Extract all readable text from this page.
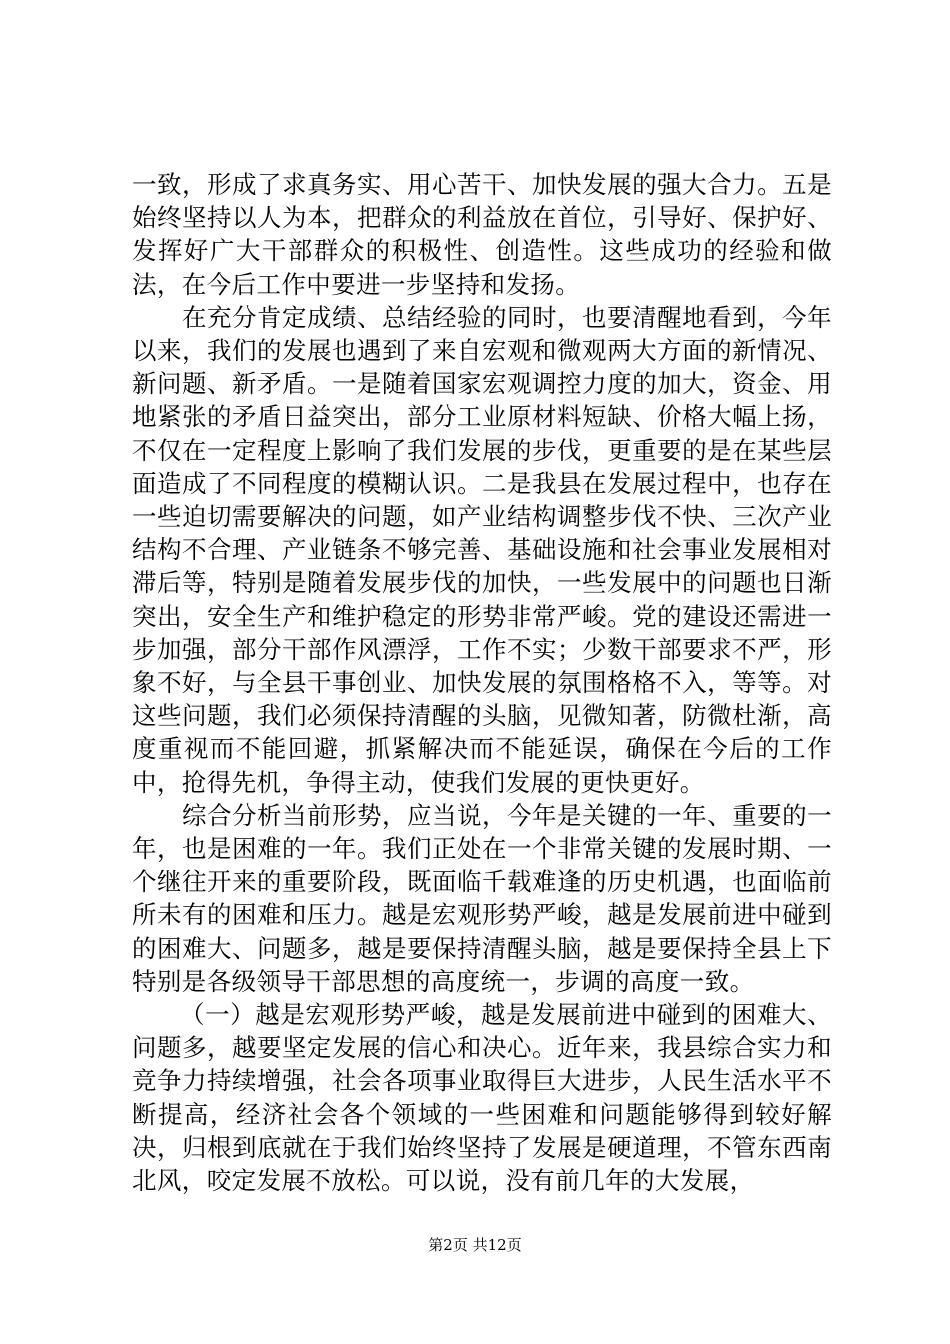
一致，形成了求真务实、用心苦干、加快发展的强大合力。五是始终坚持以人为本，把群众的利益放在首位，引导好、保护好、发挥好广大干部群众的积极性、创造性。这些成功的经验和做法，在今后工作中要进一步坚持和发扬。

在充分肯定成绩、总结经验的同时，也要清醒地看到，今年以来，我们的发展也遇到了来自宏观和微观两大方面的新情况、新问题、新矛盾。一是随着国家宏观调控力度的加大，资金、用地紧张的矛盾日益突出，部分工业原材料短缺、价格大幅上扬，不仅在一定程度上影响了我们发展的步伐，更重要的是在某些层面造成了不同程度的模糊认识。二是我县在发展过程中，也存在一些迫切需要解决的问题，如产业结构调整步伐不快、三次产业结构不合理、产业链条不够完善、基础设施和社会事业发展相对滞后等，特别是随着发展步伐的加快，一些发展中的问题也日渐突出，安全生产和维护稳定的形势非常严峻。党的建设还需进一步加强，部分干部作风漂浮，工作不实；少数干部要求不严，形象不好，与全县干事创业、加快发展的氛围格格不入，等等。对这些问题，我们必须保持清醒的头脑，见微知著，防微杜渐，高度重视而不能回避，抓紧解决而不能延误，确保在今后的工作中，抢得先机，争得主动，使我们发展的更快更好。

综合分析当前形势，应当说，今年是关键的一年、重要的一年，也是困难的一年。我们正处在一个非常关键的发展时期、一个继往开来的重要阶段，既面临千载难逢的历史机遇，也面临前所未有的困难和压力。越是宏观形势严峻，越是发展前进中碰到的困难大、问题多，越是要保持清醒头脑，越是要保持全县上下特别是各级领导干部思想的高度统一，步调的高度一致。

（一）越是宏观形势严峻，越是发展前进中碰到的困难大、问题多，越要坚定发展的信心和决心。近年来，我县综合实力和竞争力持续增强，社会各项事业取得巨大进步，人民生活水平不断提高，经济社会各个领域的一些困难和问题能够得到较好解决，归根到底就在于我们始终坚持了发展是硬道理，不管东西南北风，咬定发展不放松。可以说，没有前几年的大发展，

第2页 共12页
